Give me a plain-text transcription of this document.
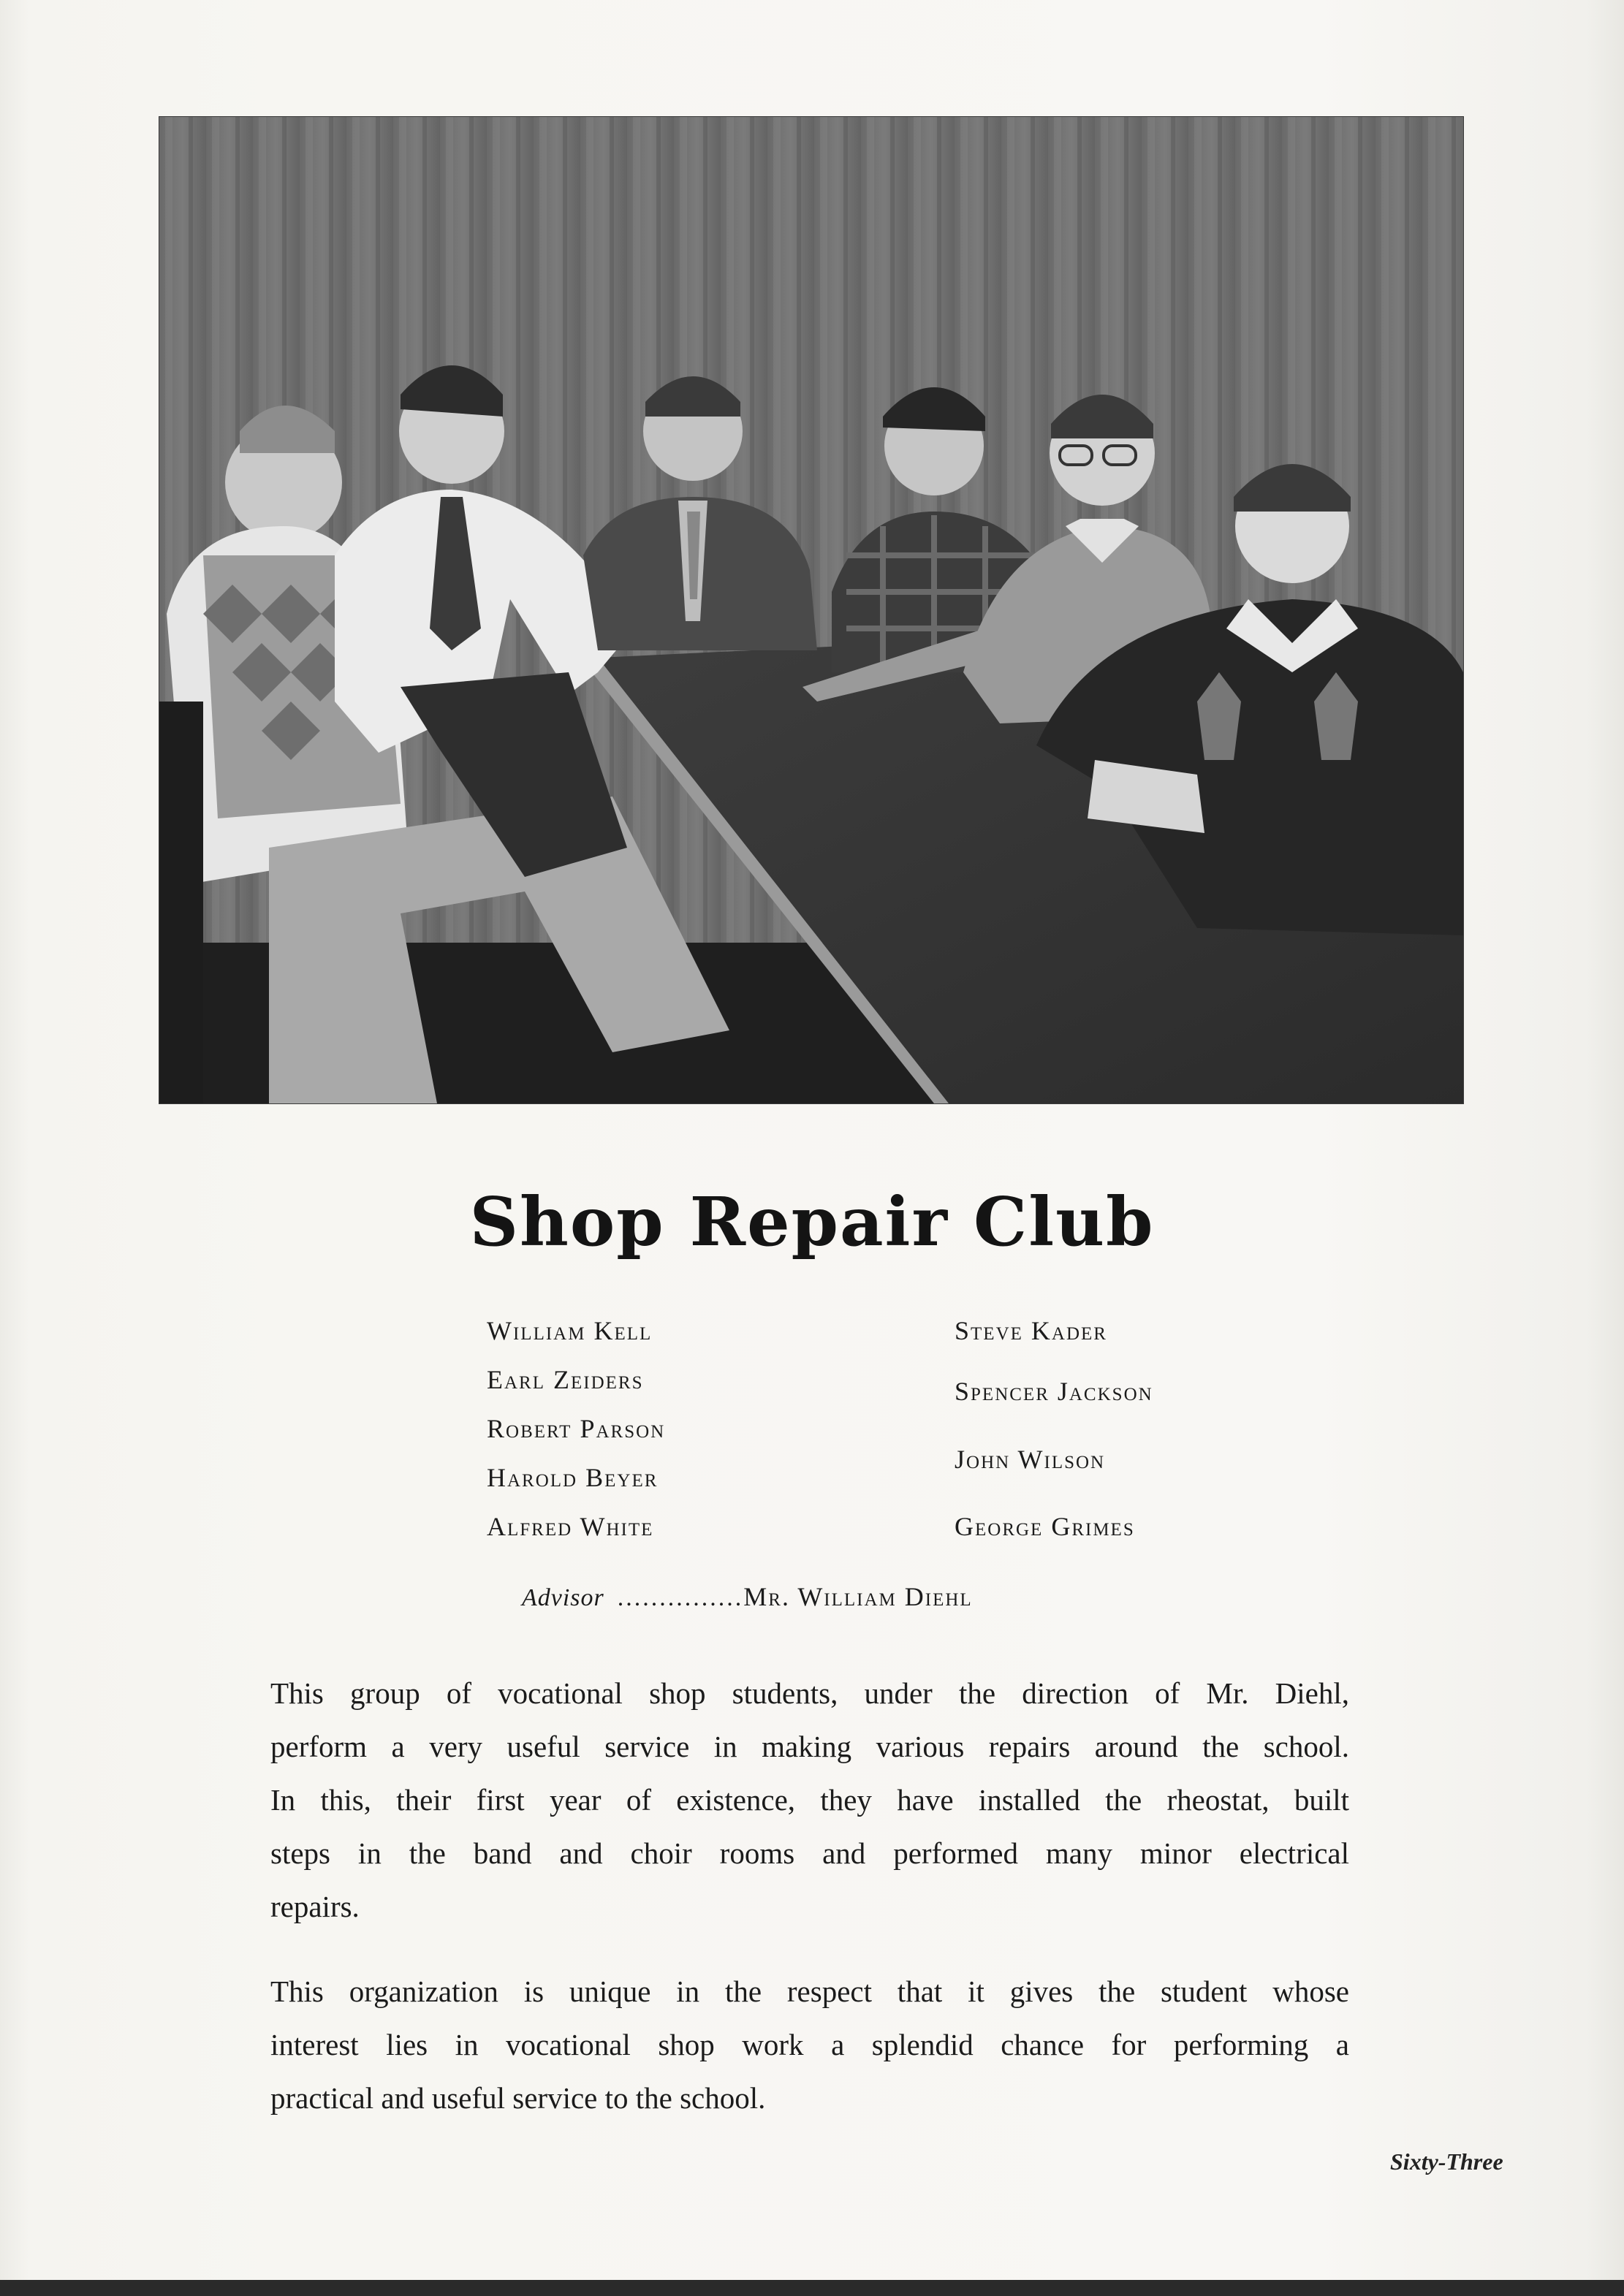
Shop Repair Club
William Kell
Earl Zeiders
Robert Parson
Harold Beyer
Alfred White
Steve Kader
Spencer Jackson
John Wilson
George Grimes
Advisor ...............Mr. William Diehl
This group of vocational shop students, under the direction of Mr. Diehl,
perform a very useful service in making various repairs around the school.
In this, their first year of existence, they have installed the rheostat, built
steps in the band and choir rooms and performed many minor electrical
repairs.
This organization is unique in the respect that it gives the student whose
interest lies in vocational shop work a splendid chance for performing a
practical and useful service to the school.
Sixty-Three
